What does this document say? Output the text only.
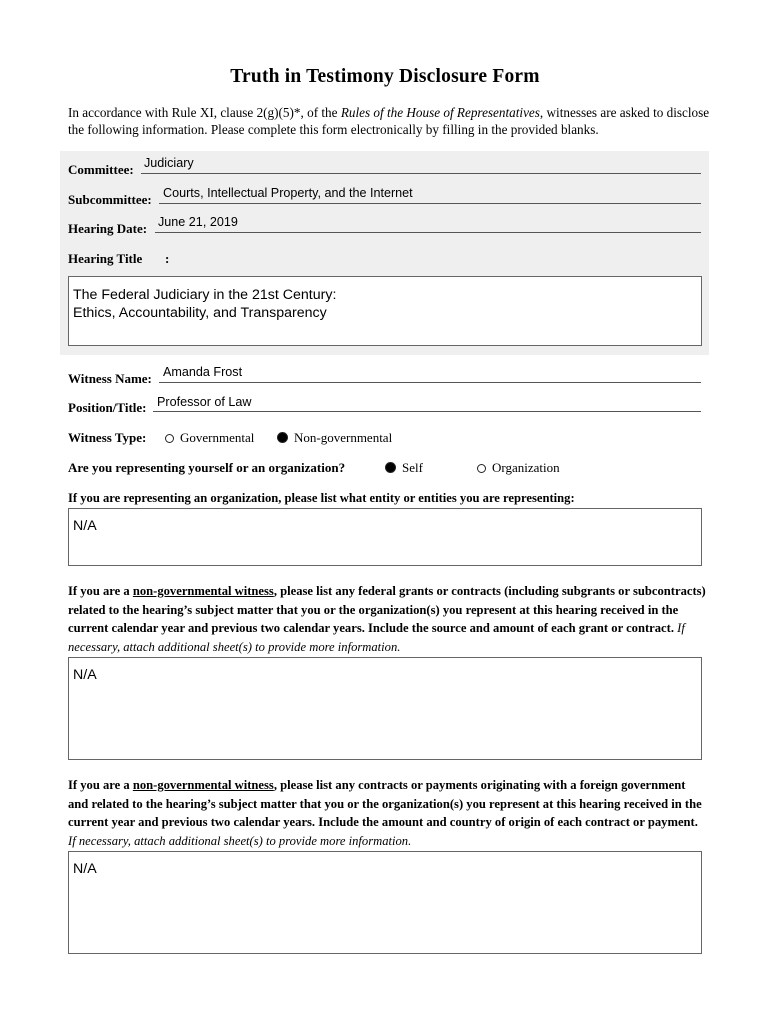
Truth in Testimony Disclosure Form
In accordance with Rule XI, clause 2(g)(5)*, of the Rules of the House of Representatives, witnesses are asked to disclose the following information. Please complete this form electronically by filling in the provided blanks.
Committee: Judiciary
Subcommittee: Courts, Intellectual Property, and the Internet
Hearing Date: June 21, 2019
Hearing Title :
The Federal Judiciary in the 21st Century:
Ethics, Accountability, and Transparency
Witness Name: Amanda Frost
Position/Title: Professor of Law
Witness Type:	Governmental	Non-governmental
Are you representing yourself or an organization?	Self	Organization
If you are representing an organization, please list what entity or entities you are representing:
N/A
If you are a non-governmental witness, please list any federal grants or contracts (including subgrants or subcontracts) related to the hearing’s subject matter that you or the organization(s) you represent at this hearing received in the current calendar year and previous two calendar years. Include the source and amount of each grant or contract. If necessary, attach additional sheet(s) to provide more information.
N/A
If you are a non-governmental witness, please list any contracts or payments originating with a foreign government and related to the hearing’s subject matter that you or the organization(s) you represent at this hearing received in the current year and previous two calendar years. Include the amount and country of origin of each contract or payment. If necessary, attach additional sheet(s) to provide more information.
N/A
